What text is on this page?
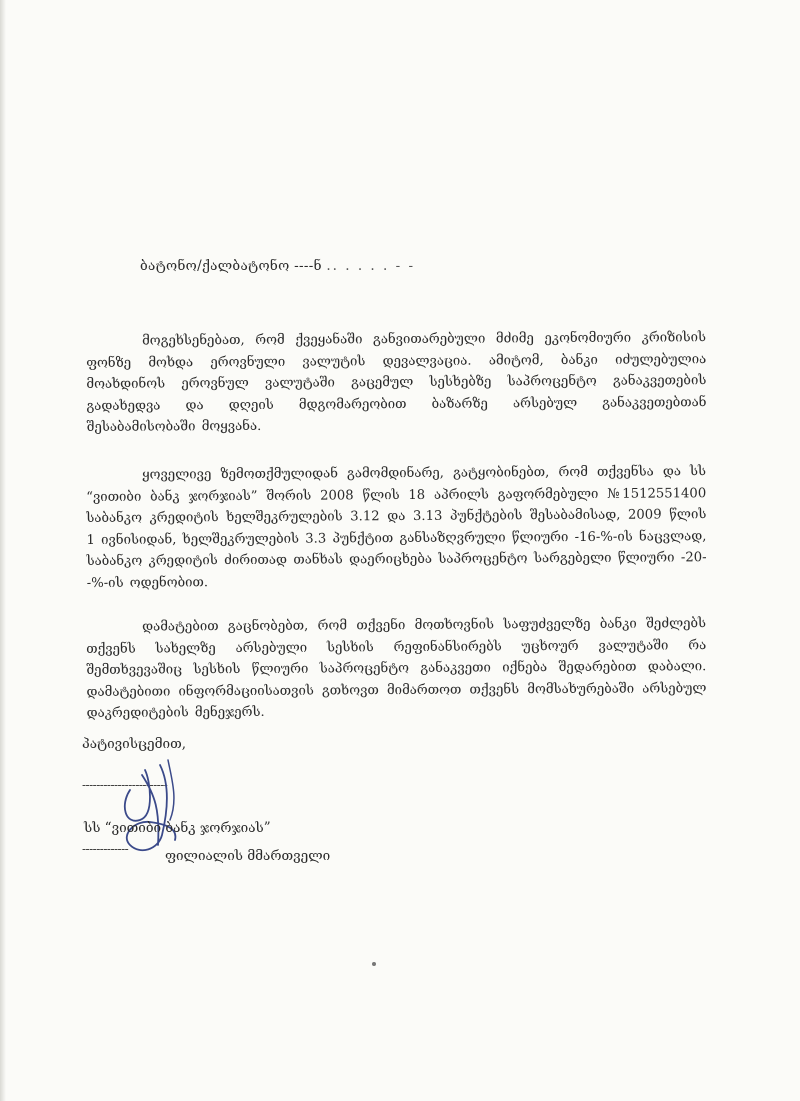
ბატონო/ქალბატონო ----ნ .. . . . . - -

მოგეხსენებათ, რომ ქვეყანაში განვითარებული მძიმე ეკონომიური კრიზისის ფონზე მოხდა ეროვნული ვალუტის დევალვაცია. ამიტომ, ბანკი იძულებულია მოახდინოს ეროვნულ ვალუტაში გაცემულ სესხებზე საპროცენტო განაკვეთების გადახედვა და დღეის მდგომარეობით ბაზარზე არსებულ განაკვეთებთან შესაბამისობაში მოყვანა.

ყოველივე ზემოთქმულიდან გამომდინარე, გატყობინებთ, რომ თქვენსა და სს “ვითიბი ბანკ ჯორჯიას” შორის 2008 წლის 18 აპრილს გაფორმებული №1512551400 საბანკო კრედიტის ხელშეკრულების 3.12 და 3.13 პუნქტების შესაბამისად, 2009 წლის 1 ივნისიდან, ხელშეკრულების 3.3 პუნქტით განსაზღვრული წლიური -16-%-ის ნაცვლად, საბანკო კრედიტის ძირითად თანხას დაერიცხება საპროცენტო სარგებელი წლიური -20--%-ის ოდენობით.

დამატებით გაცნობებთ, რომ თქვენი მოთხოვნის საფუძველზე ბანკი შეძლებს თქვენს სახელზე არსებული სესხის რეფინანსირებს უცხოურ ვალუტაში რა შემთხვევაშიც სესხის წლიური საპროცენტო განაკვეთი იქნება შედარებით დაბალი. დამატებითი ინფორმაციისათვის გთხოვთ მიმართოთ თქვენს მომსახურებაში არსებულ დაკრედიტების მენეჯერს.

პატივისცემით,
------------------------
სს “ვითიბი ბანკ ჯორჯიას”
-------------	ფილიალის მმართველი
